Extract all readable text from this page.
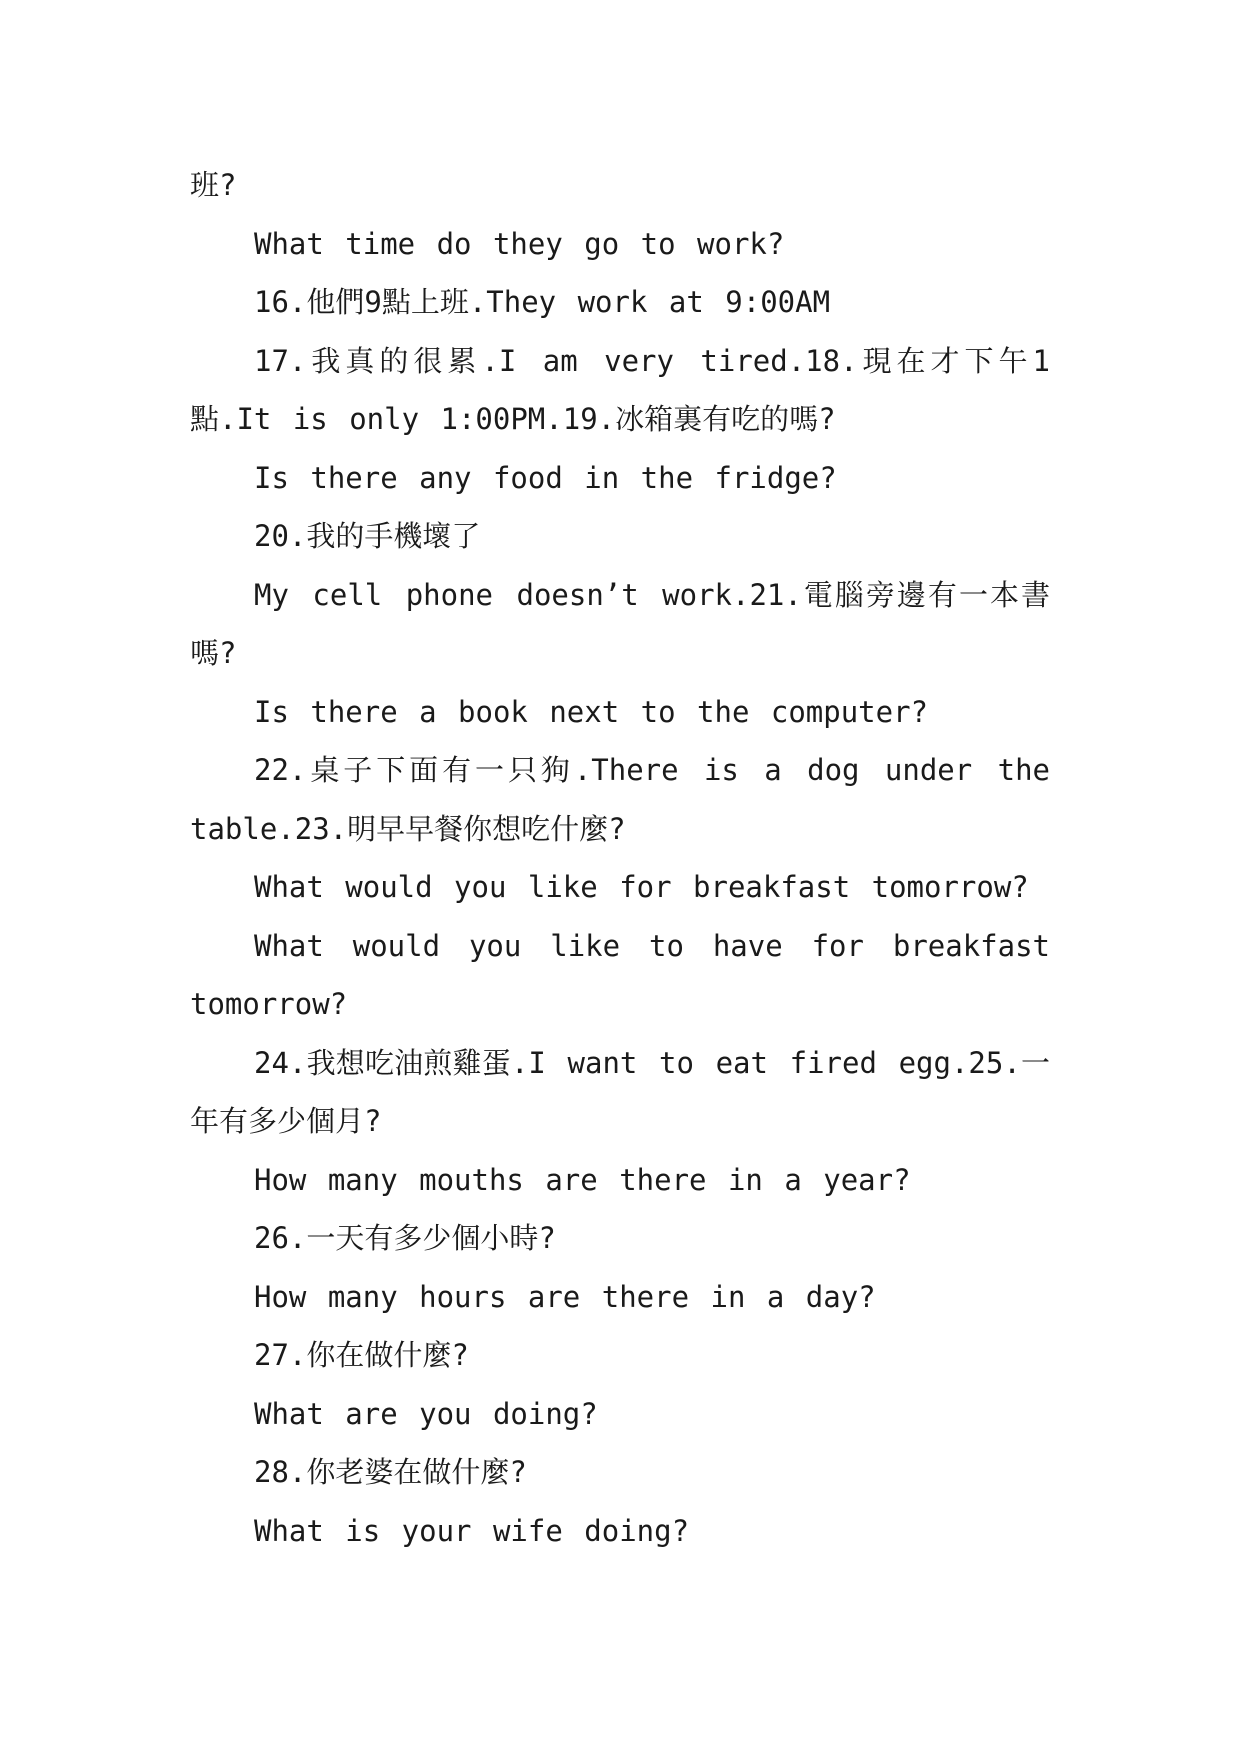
班?

What time do they go to work?

16.他們9點上班.They work at 9:00AM

17.我真的很累.I am very tired.18.現在才下午1點.It is only 1:00PM.19.冰箱裏有吃的嗎?

Is there any food in the fridge?

20.我的手機壞了

My cell phone doesn’t work.21.電腦旁邊有一本書嗎?

Is there a book next to the computer?

22.桌子下面有一只狗.There is a dog under the table.23.明早早餐你想吃什麼?

What would you like for breakfast tomorrow?

What would you like to have for breakfast tomorrow?

24.我想吃油煎雞蛋.I want to eat fired egg.25.一年有多少個月?

How many mouths are there in a year?

26.一天有多少個小時?

How many hours are there in a day?

27.你在做什麼?

What are you doing?

28.你老婆在做什麼?

What is your wife doing?
